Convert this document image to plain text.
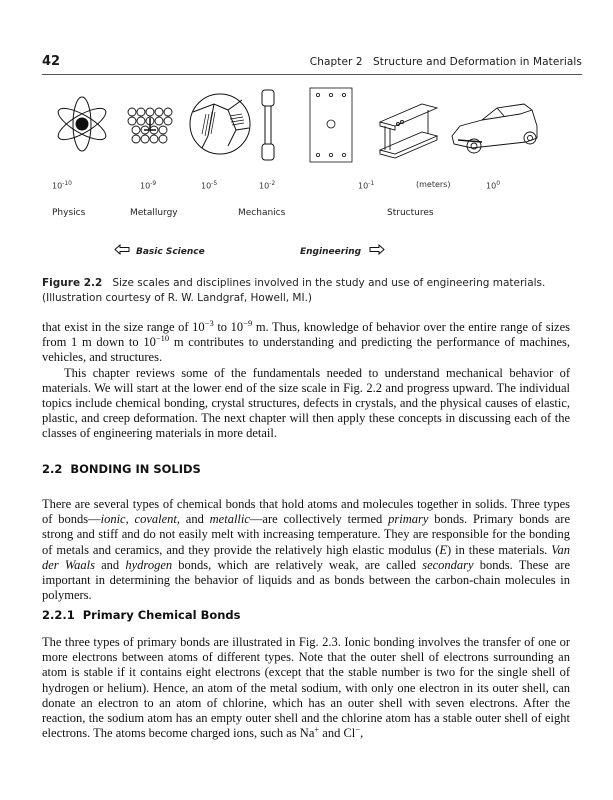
42	Chapter 2   Structure and Deformation in Materials
$10^{-10}$	$10^{-9}$	$10^{-5}$	$10^{-2}$	$10^{-1}$	(meters)	$10^0$
Physics	Metallurgy	Mechanics	Structures
Basic Science	Engineering
Figure 2.2 Size scales and disciplines involved in the study and use of engineering materials. (Illustration courtesy of R. W. Landgraf, Howell, MI.)

that exist in the size range of $10^{-3}$ to $10^{-9}$ m. Thus, knowledge of behavior over the entire range of sizes from 1 m down to $10^{-10}$ m contributes to understanding and predicting the performance of machines, vehicles, and structures.

This chapter reviews some of the fundamentals needed to understand mechanical behavior of materials. We will start at the lower end of the size scale in Fig. 2.2 and progress upward. The individual topics include chemical bonding, crystal structures, defects in crystals, and the physical causes of elastic, plastic, and creep deformation. The next chapter will then apply these concepts in discussing each of the classes of engineering materials in more detail.

2.2  BONDING IN SOLIDS

There are several types of chemical bonds that hold atoms and molecules together in solids. Three types of bonds—ionic, covalent, and metallic—are collectively termed primary bonds. Primary bonds are strong and stiff and do not easily melt with increasing temperature. They are responsible for the bonding of metals and ceramics, and they provide the relatively high elastic modulus (E) in these materials. Van der Waals and hydrogen bonds, which are relatively weak, are called secondary bonds. These are important in determining the behavior of liquids and as bonds between the carbon-chain molecules in polymers.

2.2.1  Primary Chemical Bonds

The three types of primary bonds are illustrated in Fig. 2.3. Ionic bonding involves the transfer of one or more electrons between atoms of different types. Note that the outer shell of electrons surrounding an atom is stable if it contains eight electrons (except that the stable number is two for the single shell of hydrogen or helium). Hence, an atom of the metal sodium, with only one electron in its outer shell, can donate an electron to an atom of chlorine, which has an outer shell with seven electrons. After the reaction, the sodium atom has an empty outer shell and the chlorine atom has a stable outer shell of eight electrons. The atoms become charged ions, such as Na+ and Cl−,
